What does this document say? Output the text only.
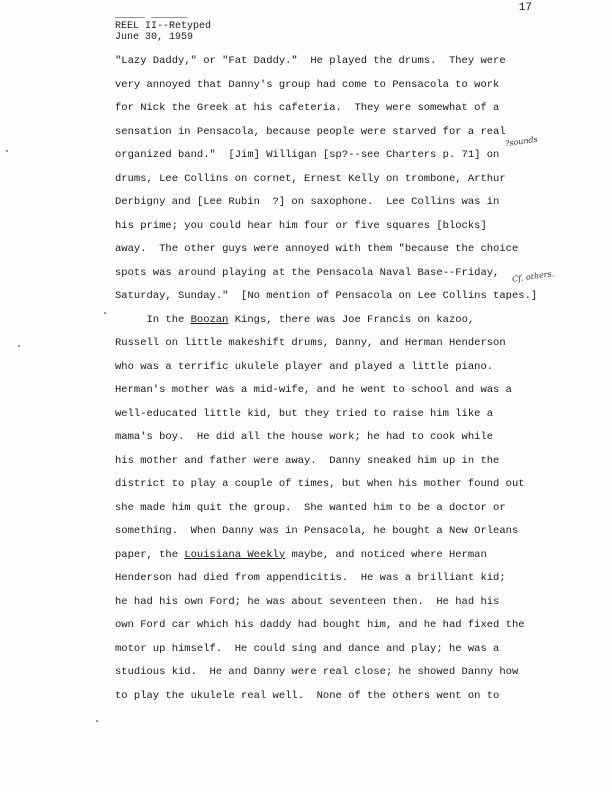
17
_____ ______
REEL II--Retyped
June 30, 1959
"Lazy Daddy," or "Fat Daddy."  He played the drums.  They were
very annoyed that Danny's group had come to Pensacola to work
for Nick the Greek at his cafeteria.  They were somewhat of a
sensation in Pensacola, because people were starved for a real
organized band."  [Jim] Willigan [sp?--see Charters p. 71] on
drums, Lee Collins on cornet, Ernest Kelly on trombone, Arthur
Derbigny and [Lee Rubin  ?] on saxophone.  Lee Collins was in
his prime; you could hear him four or five squares [blocks]
away.  The other guys were annoyed with them "because the choice
spots was around playing at the Pensacola Naval Base--Friday,
Saturday, Sunday."  [No mention of Pensacola on Lee Collins tapes.]
In the Boozan Kings, there was Joe Francis on kazoo,
Russell on little makeshift drums, Danny, and Herman Henderson
who was a terrific ukulele player and played a little piano.
Herman's mother was a mid-wife, and he went to school and was a
well-educated little kid, but they tried to raise him like a
mama's boy.  He did all the house work; he had to cook while
his mother and father were away.  Danny sneaked him up in the
district to play a couple of times, but when his mother found out
she made him quit the group.  She wanted him to be a doctor or
something.  When Danny was in Pensacola, he bought a New Orleans
paper, the Louisiana Weekly maybe, and noticed where Herman
Henderson had died from appendicitis.  He was a brilliant kid;
he had his own Ford; he was about seventeen then.  He had his
own Ford car which his daddy had bought him, and he had fixed the
motor up himself.  He could sing and dance and play; he was a
studious kid.  He and Danny were real close; he showed Danny how
to play the ukulele real well.  None of the others went on to
?sounds
Cf. others.
